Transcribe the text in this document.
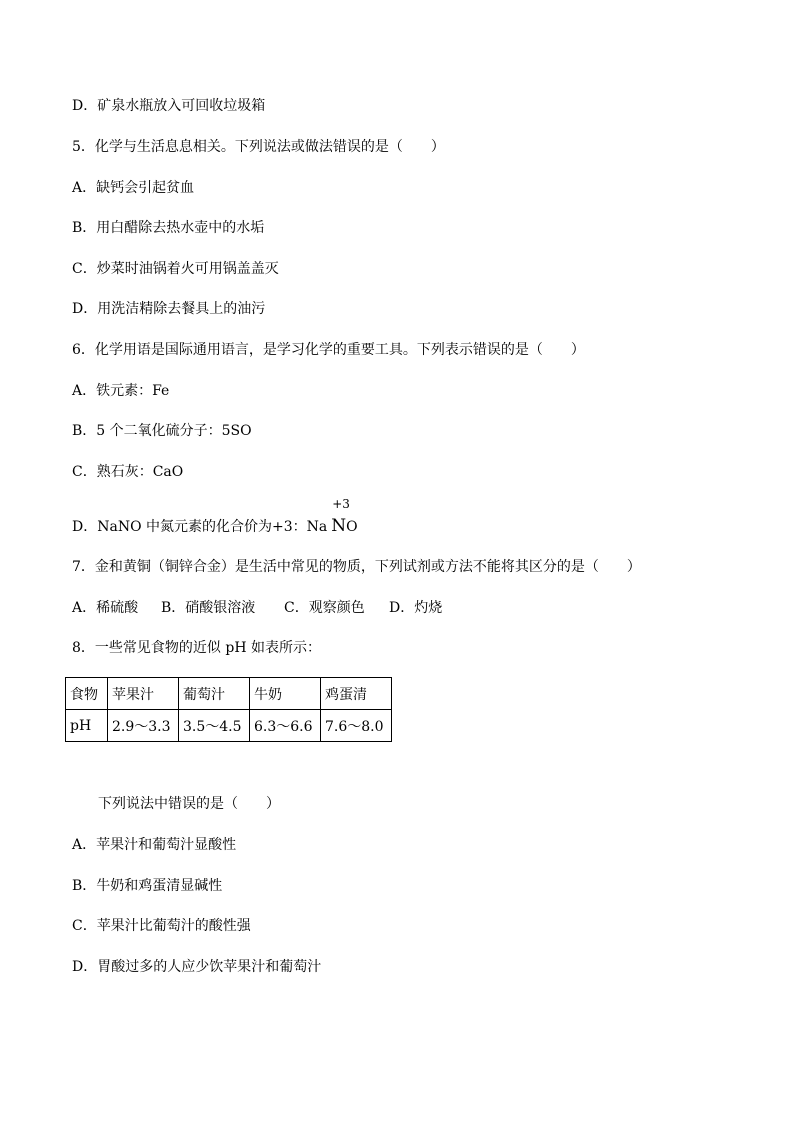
D．矿泉水瓶放入可回收垃圾箱
5．化学与生活息息相关。下列说法或做法错误的是（　　）
A．缺钙会引起贫血
B．用白醋除去热水壶中的水垢
C．炒菜时油锅着火可用锅盖盖灭
D．用洗洁精除去餐具上的油污
6．化学用语是国际通用语言，是学习化学的重要工具。下列表示错误的是（　　）
A．铁元素：Fe
B．5 个二氧化硫分子：5SO
C．熟石灰：CaO
D．NaNO 中氮元素的化合价为+3：Na
+3
NO
7．金和黄铜（铜锌合金）是生活中常见的物质，下列试剂或方法不能将其区分的是（　　）
A．稀硫酸 B．硝酸银溶液 C．观察颜色 D．灼烧
8．一些常见食物的近似 pH 如表所示：
食物	苹果汁	葡萄汁	牛奶	鸡蛋清
pH	2.9～3.3	3.5～4.5	6.3～6.6	7.6～8.0
下列说法中错误的是（　　）
A．苹果汁和葡萄汁显酸性
B．牛奶和鸡蛋清显碱性
C．苹果汁比葡萄汁的酸性强
D．胃酸过多的人应少饮苹果汁和葡萄汁
